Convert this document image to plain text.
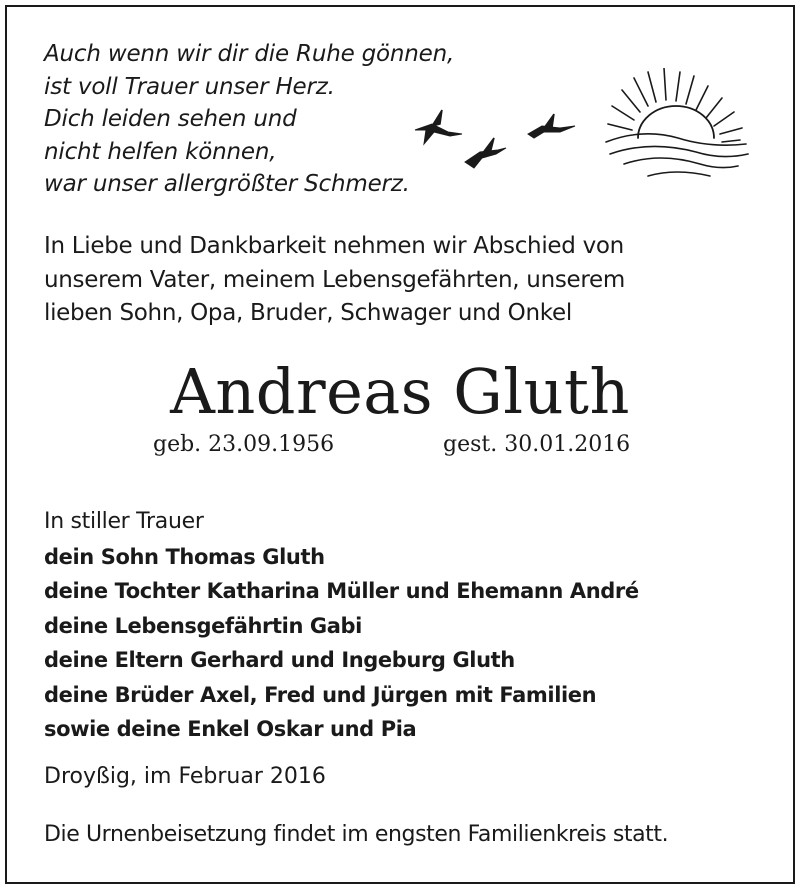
Auch wenn wir dir die Ruhe gönnen,
ist voll Trauer unser Herz.
Dich leiden sehen und
nicht helfen können,
war unser allergrößter Schmerz.
In Liebe und Dankbarkeit nehmen wir Abschied von
unserem Vater, meinem Lebensgefährten, unserem
lieben Sohn, Opa, Bruder, Schwager und Onkel
Andreas Gluth
geb. 23.09.1956	gest. 30.01.2016
In stiller Trauer
dein Sohn Thomas Gluth
deine Tochter Katharina Müller und Ehemann André
deine Lebensgefährtin Gabi
deine Eltern Gerhard und Ingeburg Gluth
deine Brüder Axel, Fred und Jürgen mit Familien
sowie deine Enkel Oskar und Pia
Droyßig, im Februar 2016
Die Urnenbeisetzung findet im engsten Familienkreis statt.
